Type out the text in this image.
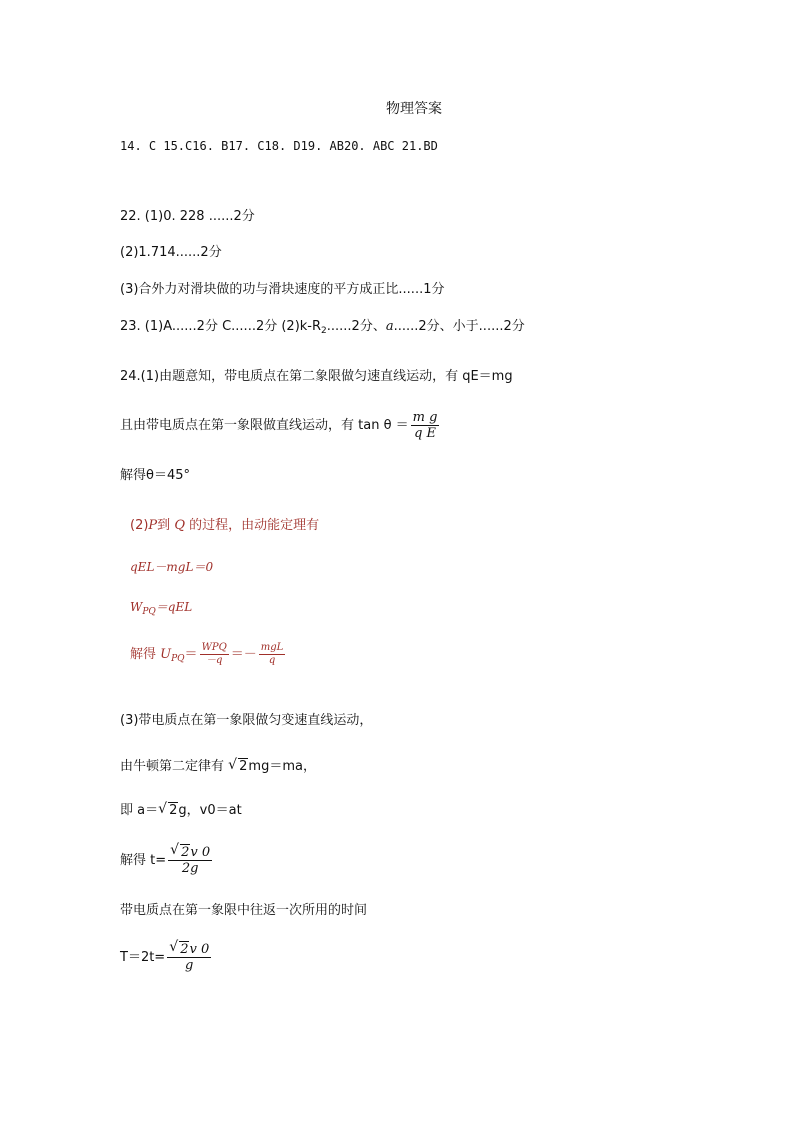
物理答案
14. C 15.C16. B17. C18. D19. AB20. ABC 21.BD
22. (1)0. 228 ......2分
(2)1.714......2分
(3)合外力对滑块做的功与滑块速度的平方成正比......1分
23. (1)A......2分 C......2分 $(2)k-R_2......2$分、a......2分、小于......2分
24.(1)由题意知，带电质点在第二象限做匀速直线运动，有 qE＝mg
且由带电质点在第一象限做直线运动，有 $\tan \theta = \frac{\text{m g}}{\text{q E}}$
解得θ＝45°
(2)P到 Q 的过程，由动能定理有
qEL－mgL＝0
$W_{PQ}=qEL$
解得 $U_{PQ}= \frac{\text{WPQ}}{-q} =- \frac{\text{mgL}}{q}$
(3)带电质点在第一象限做匀变速直线运动，
由牛顿第二定律有 √ 2mg＝ma，
即 a＝ √ 2g，v0＝at
解得 $t= \frac{√ 2v 0}{2g}$
带电质点在第一象限中往返一次所用的时间
$T=2t= \frac{√ 2v 0}{g}$
